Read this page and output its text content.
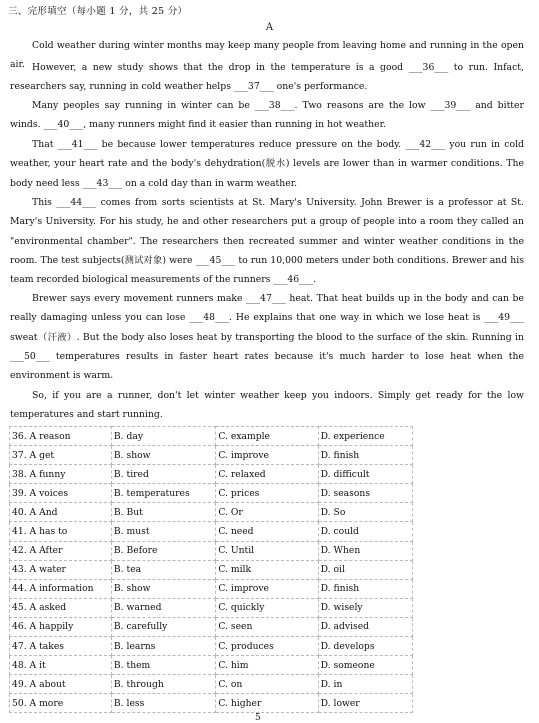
三、完形填空（每小题 1 分，共 25 分）
A
Cold weather during winter months may keep many people from leaving home and running in the open air. However, a new study shows that the drop in the temperature is a good ___36___ to run. Infact, researchers say, running in cold weather helps ___37___ one's performance.
Many peoples say running in winter can be ___38___. Two reasons are the low ___39___ and bitter winds. ___40___, many runners might find it easier than running in hot weather.
That ___41___ be because lower temperatures reduce pressure on the body. ___42___ you run in cold weather, your heart rate and the body's dehydration(脱水) levels are lower than in warmer conditions. The body need less ___43___ on a cold day than in warm weather.
This ___44___ comes from sorts scientists at St. Mary's University. John Brewer is a professor at St. Mary's University. For his study, he and other researchers put a group of people into a room they called an "environmental chamber". The researchers then recreated summer and winter weather conditions in the room. The test subjects(测试对象) were ___45___ to run 10,000 meters under both conditions. Brewer and his team recorded biological measurements of the runners ___46___.
Brewer says every movement runners make ___47___ heat. That heat builds up in the body and can be really damaging unless you can lose ___48___. He explains that one way in which we lose heat is ___49___ sweat（汗液）. But the body also loses heat by transporting the blood to the surface of the skin. Running in ___50___ temperatures results in faster heart rates because it's much harder to lose heat when the environment is warm.
So, if you are a runner, don't let winter weather keep you indoors. Simply get ready for the low temperatures and start running.
36. A reason	B. day	C. example	D. experience
37. A get	B. show	C. improve	D. finish
38. A funny	B. tired	C. relaxed	D. difficult
39. A voices	B. temperatures	C. prices	D. seasons
40. A And	B. But	C. Or	D. So
41. A has to	B. must	C. need	D. could
42. A After	B. Before	C. Until	D. When
43. A water	B. tea	C. milk	D. oil
44. A information	B. show	C. improve	D. finish
45. A asked	B. warned	C. quickly	D. wisely
46. A happily	B. carefully	C. seen	D. advised
47. A takes	B. learns	C. produces	D. develops
48. A it	B. them	C. him	D. someone
49. A about	B. through	C. on	D. in
50. A more	B. less	C. higher	D. lower
5
